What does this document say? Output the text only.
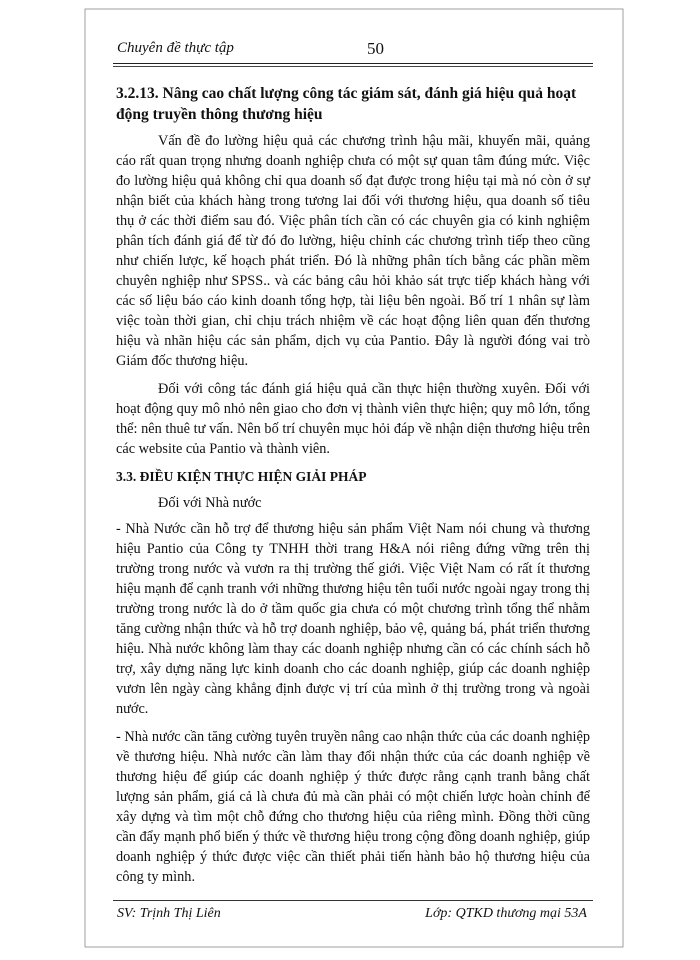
Chuyên đề thực tập	50
3.2.13. Nâng cao chất lượng công tác giám sát, đánh giá hiệu quả hoạt động truyền thông thương hiệu

Vấn đề đo lường hiệu quả các chương trình hậu mãi, khuyến mãi, quảng cáo rất quan trọng nhưng doanh nghiệp chưa có một sự quan tâm đúng mức. Việc đo lường hiệu quả không chỉ qua doanh số đạt được trong hiệu tại mà nó còn ở sự nhận biết của khách hàng trong tương lai đối với thương hiệu, qua doanh số tiêu thụ ở các thời điểm sau đó. Việc phân tích cần có các chuyên gia có kinh nghiệm phân tích đánh giá để từ đó đo lường, hiệu chỉnh các chương trình tiếp theo cũng như chiến lược, kế hoạch phát triển. Đó là những phân tích bằng các phần mềm chuyên nghiệp như SPSS.. và các bảng câu hỏi khảo sát trực tiếp khách hàng với các số liệu báo cáo kinh doanh tổng hợp, tài liệu bên ngoài. Bố trí 1 nhân sự làm việc toàn thời gian, chỉ chịu trách nhiệm về các hoạt động liên quan đến thương hiệu và nhãn hiệu các sản phẩm, dịch vụ của Pantio. Đây là người đóng vai trò Giám đốc thương hiệu.

Đối với công tác đánh giá hiệu quả cần thực hiện thường xuyên. Đối với hoạt động quy mô nhỏ nên giao cho đơn vị thành viên thực hiện; quy mô lớn, tổng thể: nên thuê tư vấn. Nên bố trí chuyên mục hỏi đáp về nhận diện thương hiệu trên các website của Pantio và thành viên.

3.3. ĐIỀU KIỆN THỰC HIỆN GIẢI PHÁP
Đối với Nhà nước

- Nhà Nước cần hỗ trợ để thương hiệu sản phẩm Việt Nam nói chung và thương hiệu Pantio của Công ty TNHH thời trang H&A nói riêng đứng vững trên thị trường trong nước và vươn ra thị trường thế giới. Việc Việt Nam có rất ít thương hiệu mạnh để cạnh tranh với những thương hiệu tên tuổi nước ngoài ngay trong thị trường trong nước là do ở tầm quốc gia chưa có một chương trình tổng thể nhằm tăng cường nhận thức và hỗ trợ doanh nghiệp, bảo vệ, quảng bá, phát triển thương hiệu. Nhà nước không làm thay các doanh nghiệp nhưng cần có các chính sách hỗ trợ, xây dựng năng lực kinh doanh cho các doanh nghiệp, giúp các doanh nghiệp vươn lên ngày càng khẳng định được vị trí của mình ở thị trường trong và ngoài nước.

- Nhà nước cần tăng cường tuyên truyền nâng cao nhận thức của các doanh nghiệp về thương hiệu. Nhà nước cần làm thay đổi nhận thức của các doanh nghiệp về thương hiệu để giúp các doanh nghiệp ý thức được rằng cạnh tranh bằng chất lượng sản phẩm, giá cả là chưa đủ mà cần phải có một chiến lược hoàn chỉnh để xây dựng và tìm một chỗ đứng cho thương hiệu của riêng mình. Đồng thời cũng cần đẩy mạnh phổ biến ý thức về thương hiệu trong cộng đồng doanh nghiệp, giúp doanh nghiệp ý thức được việc cần thiết phải tiến hành bảo hộ thương hiệu của công ty mình.

SV: Trịnh Thị Liên	Lớp: QTKD thương mại 53A
